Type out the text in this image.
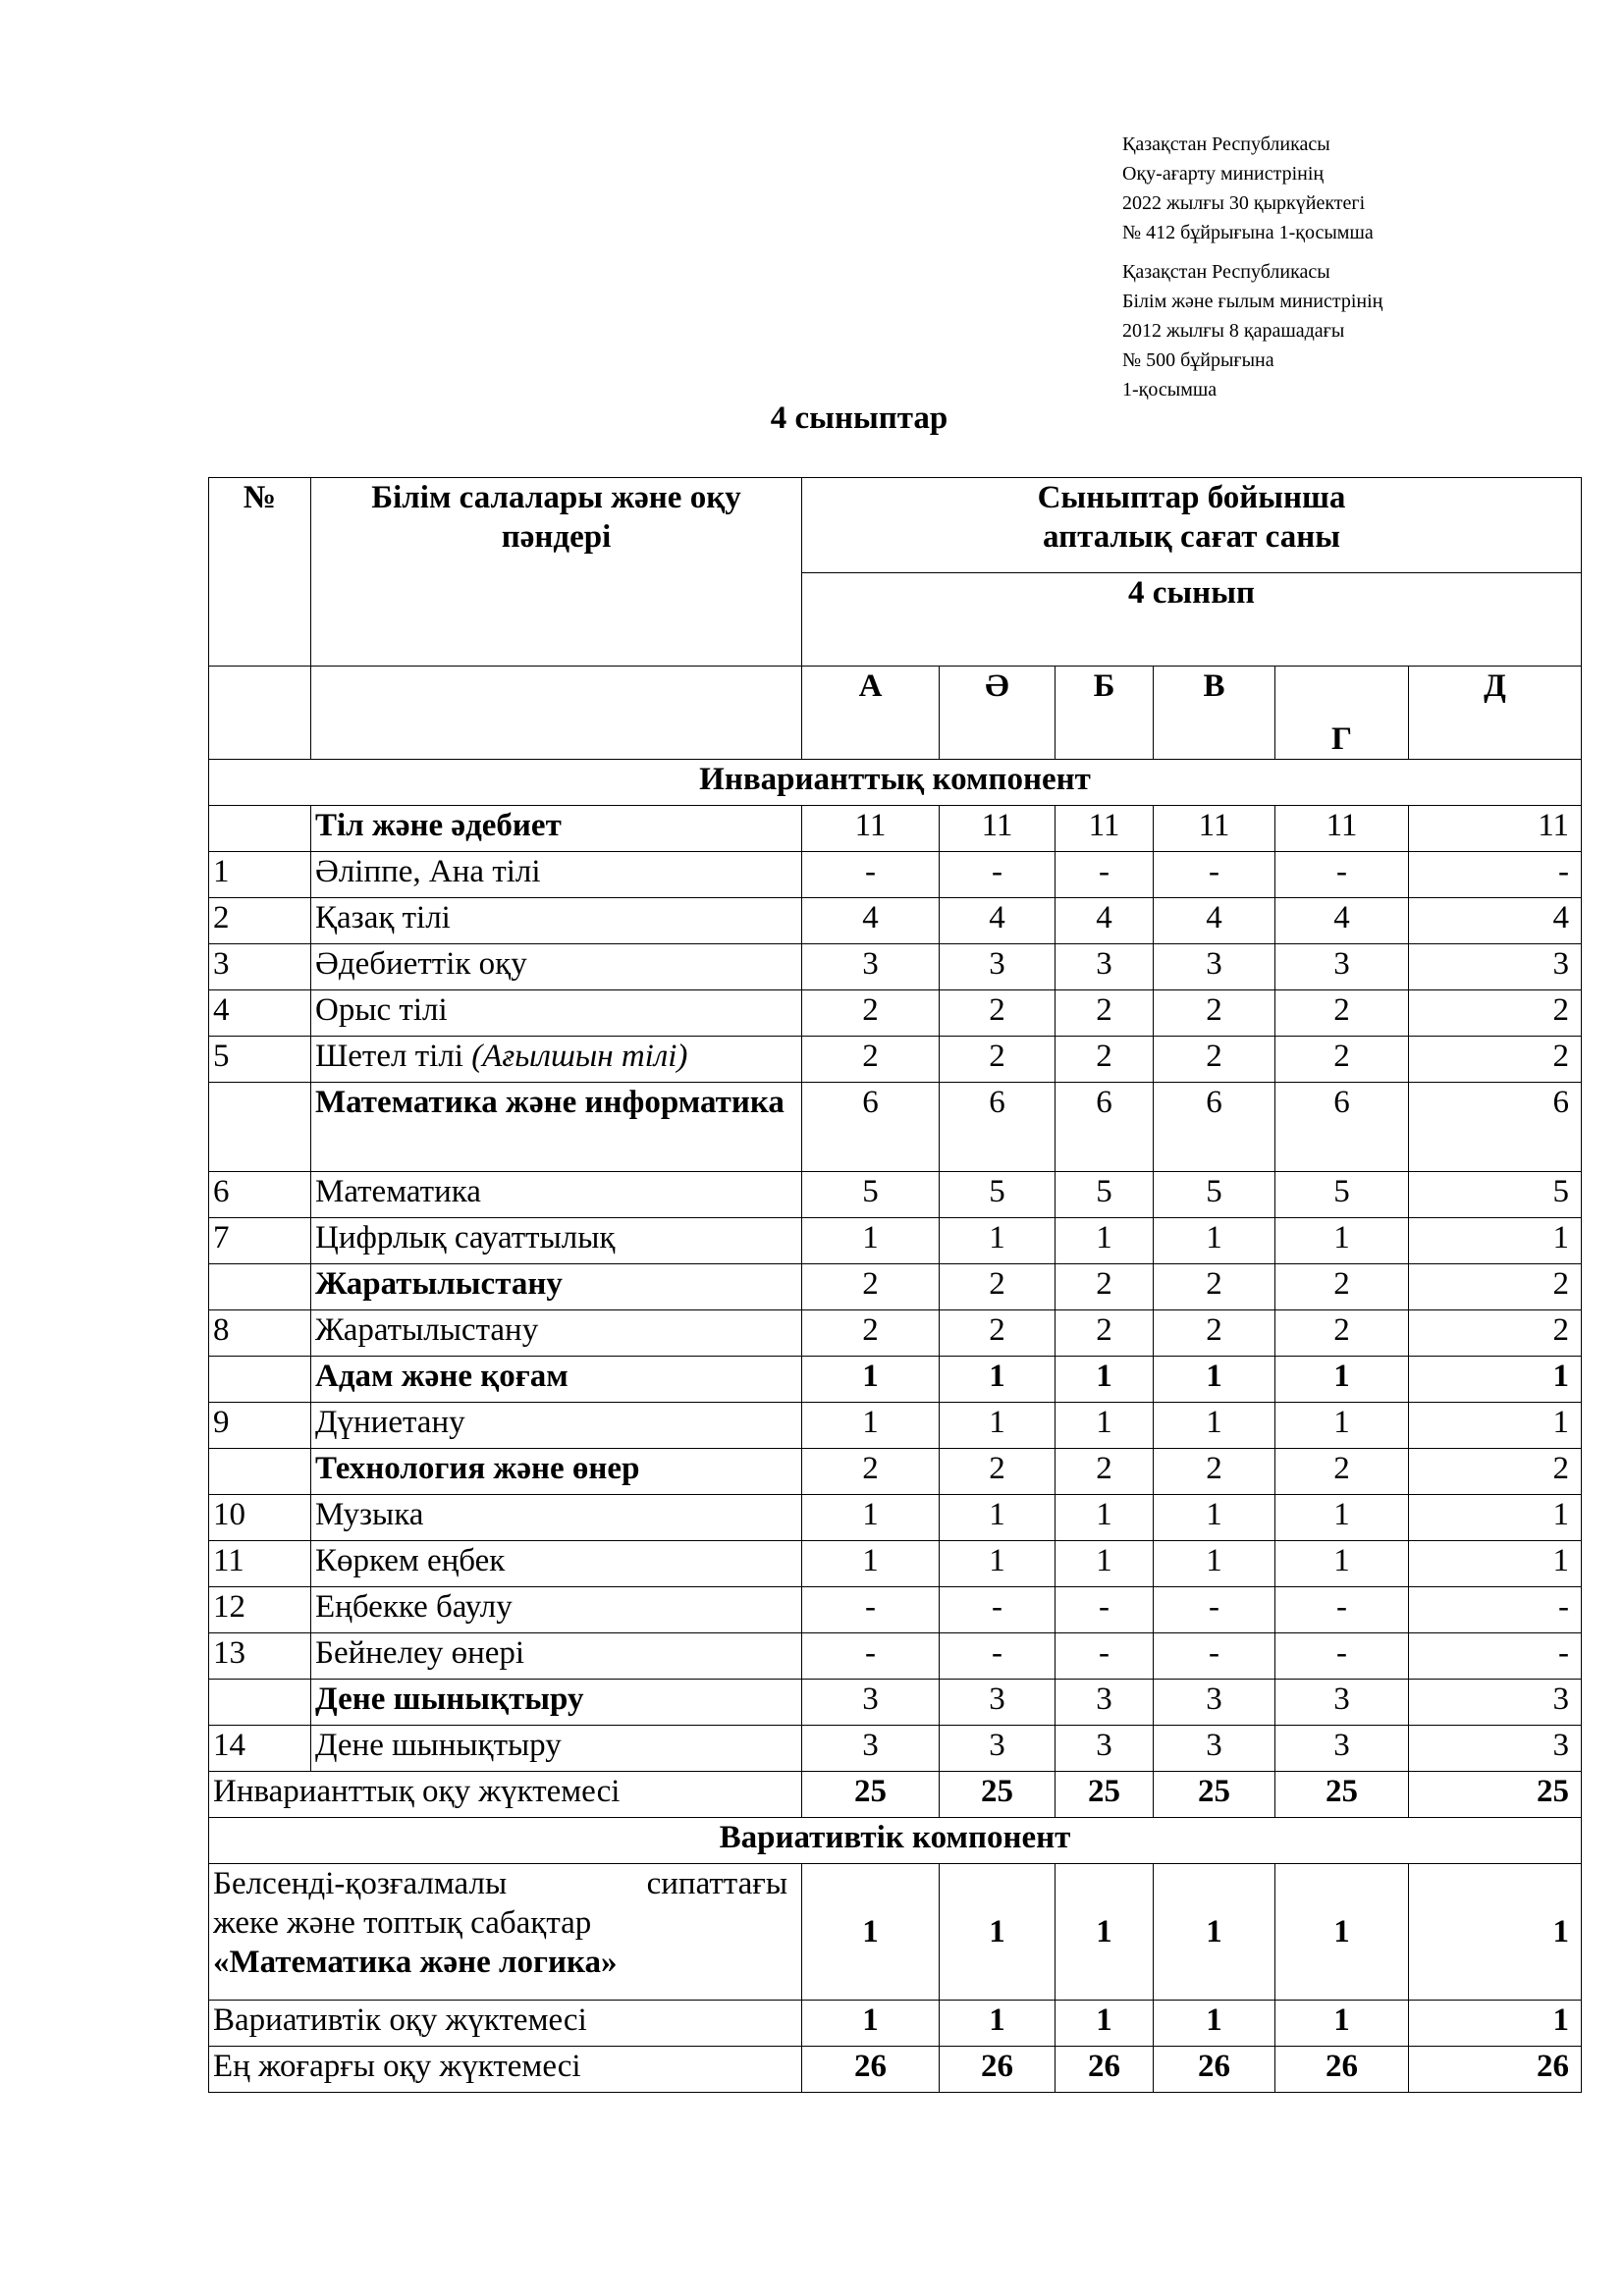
Қазақстан Республикасы
Оқу-ағарту министрінің
2022 жылғы 30 қыркүйектегі
№ 412 бұйрығына 1-қосымша
Қазақстан Республикасы
Білім және ғылым министрінің
2012 жылғы 8 қарашадағы
№ 500 бұйрығына
1-қосымша
4 сыныптар
№	Білім салалары және оқу пәндері	Сыныптар бойынша апталық сағат саны					
		4 сынып					
		А	Ә	Б	В	Г	Д
Инварианттық компонент							
	Тіл және әдебиет	11	11	11	11	11	11
1	Әліппе, Ана тілі	-	-	-	-	-	-
2	Қазақ тілі	4	4	4	4	4	4
3	Әдебиеттік оқу	3	3	3	3	3	3
4	Орыс тілі	2	2	2	2	2	2
5	Шетел тілі (Ағылшын тілі)	2	2	2	2	2	2
	Математика және информатика	6	6	6	6	6	6
6	Математика	5	5	5	5	5	5
7	Цифрлық сауаттылық	1	1	1	1	1	1
	Жаратылыстану	2	2	2	2	2	2
8	Жаратылыстану	2	2	2	2	2	2
	Адам және қоғам	1	1	1	1	1	1
9	Дүниетану	1	1	1	1	1	1
	Технология және өнер	2	2	2	2	2	2
10	Музыка	1	1	1	1	1	1
11	Көркем еңбек	1	1	1	1	1	1
12	Еңбекке баулу	-	-	-	-	-	-
13	Бейнелеу өнері	-	-	-	-	-	-
	Дене шынықтыру	3	3	3	3	3	3
14	Дене шынықтыру	3	3	3	3	3	3
Инварианттық оқу жүктемесі		25	25	25	25	25	25
Вариативтік компонент							

Белсенді-қозғалмалы сипаттағы
жеке және топтық сабақтар
«Математика және логика»		1	1	1	1	1	1
Вариативтік оқу жүктемесі		1	1	1	1	1	1
Ең жоғарғы оқу жүктемесі		26	26	26	26	26	26
